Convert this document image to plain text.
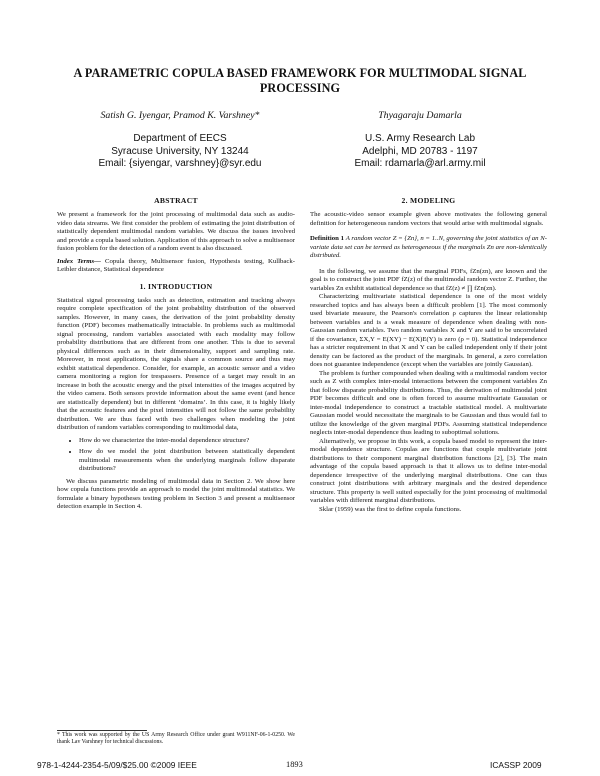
A PARAMETRIC COPULA BASED FRAMEWORK FOR MULTIMODAL SIGNAL PROCESSING
Satish G. Iyengar, Pramod K. Varshney*	Thyagaraju Damarla
Department of EECS
Syracuse University, NY 13244
Email: {siyengar, varshney}@syr.edu
U.S. Army Research Lab
Adelphi, MD 20783 - 1197
Email: rdamarla@arl.army.mil
ABSTRACT

We present a framework for the joint processing of multimodal data such as audio-video data streams. We first consider the problem of estimating the joint distribution of statistically dependent multimodal random variables. We discuss the issues involved and provide a copula based solution. Application of this approach to solve a multisensor fusion problem for the detection of a random event is also discussed.

Index Terms— Copula theory, Multisensor fusion, Hypothesis testing, Kullback-Leibler distance, Statistical dependence
1. INTRODUCTION

Statistical signal processing tasks such as detection, estimation and tracking always require complete specification of the joint probability distribution of the observed samples. However, in many cases, the derivation of the joint probability density function (PDF) becomes mathematically intractable. In problems such as multimodal signal processing, random variables associated with each modality may follow probability distributions that are different from one another. This is due to several physical differences such as in their dimensionality, support and sampling rate. Moreover, in most applications, the signals share a common source and thus may exhibit statistical dependence. Consider, for example, an acoustic sensor and a video camera monitoring a region for trespassers. Presence of a target may result in an increase in both the acoustic energy and the pixel intensities of the images acquired by the video camera. Both sensors provide information about the same event (and hence are statistically dependent) but in different ‘domains’. In this case, it is highly likely that the acoustic features and the pixel intensities will not follow the same probability distribution. We are thus faced with two challenges when modeling the joint distribution of random variables corresponding to multimodal data,

• How do we characterize the inter-modal dependence structure?
• How do we model the joint distribution between statistically dependent multimodal measurements when the underlying marginals follow disparate distributions?

We discuss parametric modeling of multimodal data in Section 2. We show here how copula functions provide an approach to model the joint multimodal statistics. We formulate a binary hypotheses testing problem in Section 3 and present a multisensor detection example in Section 4.

* This work was supported by the US Army Research Office under grant W911NF-06-1-0250. We thank Lav Varshney for technical discussions.
2. MODELING

The acoustic-video sensor example given above motivates the following general definition for heterogeneous random vectors that would arise with multimodal signals.

Definition 1 A random vector Z = {Zn}, n = 1..N, governing the joint statistics of an N-variate data set can be termed as heterogeneous if the marginals Zn are non-identically distributed.

In the following, we assume that the marginal PDFs, fZn(zn), are known and the goal is to construct the joint PDF fZ(z) of the multimodal random vector Z. Further, the variables Zn exhibit statistical dependence so that fZ(z) ≠ ∏ fZn(zn).

Characterizing multivariate statistical dependence is one of the most widely researched topics and has always been a difficult problem [1]. The most commonly used bivariate measure, the Pearson's correlation ρ captures the linear relationship between variables and is a weak measure of dependence when dealing with non-Gaussian random variables. Two random variables X and Y are said to be uncorrelated if the covariance, ΣX,Y = E(XY) − E(X)E(Y) is zero (ρ = 0). Statistical independence has a stricter requirement in that X and Y can be called independent only if their joint density can be factored as the product of the marginals. In general, a zero correlation does not guarantee independence (except when the variables are jointly Gaussian).

The problem is further compounded when dealing with a multimodal random vector such as Z with complex inter-modal interactions between the component variables Zn that follow disparate probability distributions. Thus, the derivation of multimodal joint PDF becomes difficult and one is often forced to assume multivariate Gaussian or inter-modal independence to construct a tractable statistical model. A multivariate Gaussian model would necessitate the marginals to be Gaussian and thus would fail to utilize the knowledge of the given marginal PDFs. Assuming statistical independence neglects inter-modal dependence thus leading to suboptimal solutions.

Alternatively, we propose in this work, a copula based model to represent the inter-modal dependence structure. Copulas are functions that couple multivariate joint distributions to their component marginal distribution functions [2], [3]. The main advantage of the copula based approach is that it allows us to define inter-modal dependence irrespective of the underlying marginal distributions. One can thus construct joint distributions with arbitrary marginals and the desired dependence structure. This property is well suited especially for the joint processing of multimodal variables with different marginal distributions.

Sklar (1959) was the first to define copula functions.

978-1-4244-2354-5/09/$25.00 ©2009 IEEE	1893	ICASSP 2009
